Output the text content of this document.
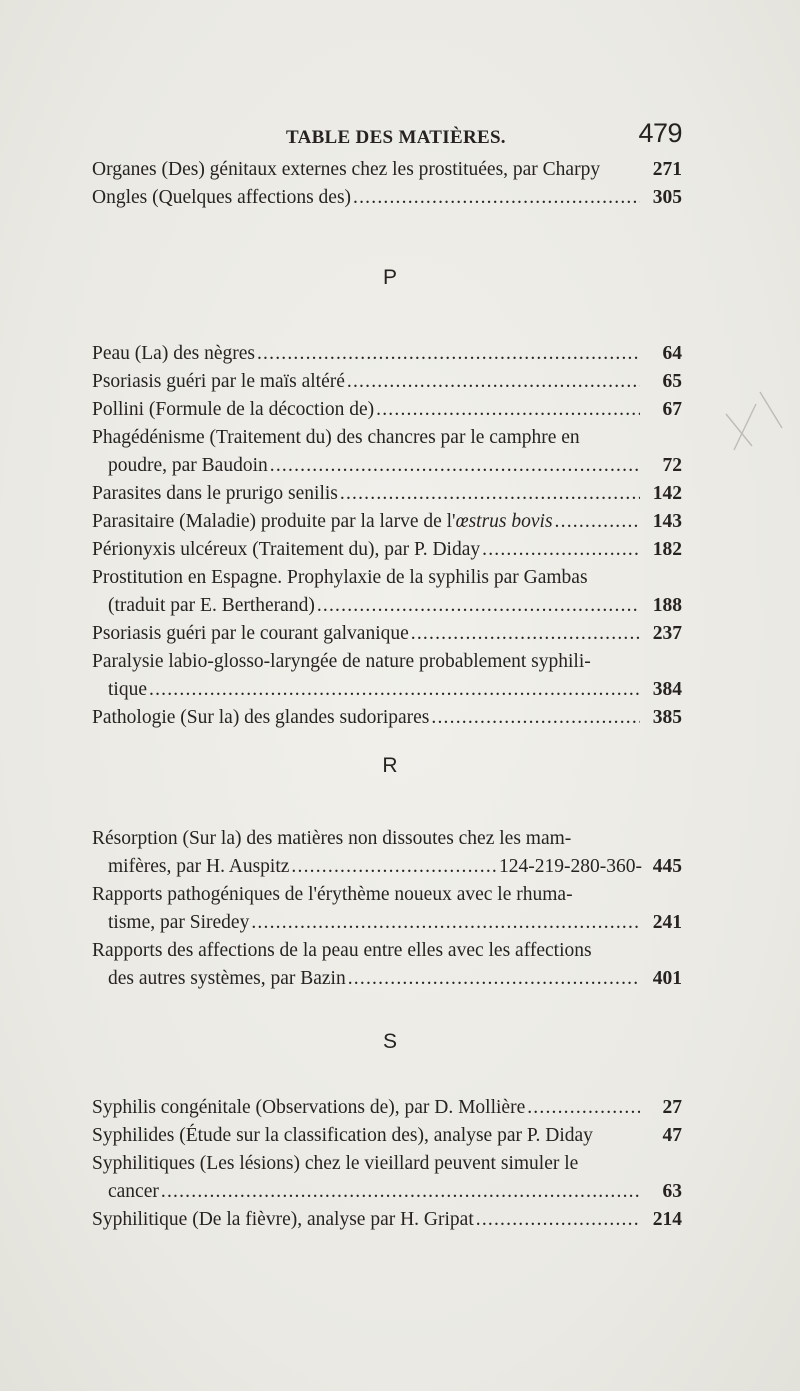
TABLE DES MATIÈRES.	479
Organes (Des) génitaux externes chez les prostituées, par Charpy	271
Ongles (Quelques affections des) .....	305
P
Peau (La) des nègres .....	64
Psoriasis guéri par le maïs altéré .....	65
Pollini (Formule de la décoction de) .....	67
Phagédénisme (Traitement du) des chancres par le camphre en
poudre, par Baudoin .....	72
Parasites dans le prurigo senilis .....	142
Parasitaire (Maladie) produite par la larve de l'œstrus bovis .....	143
Périonyxis ulcéreux (Traitement du), par P. Diday .....	182
Prostitution en Espagne. Prophylaxie de la syphilis par Gambas
(traduit par E. Bertherand) .....	188
Psoriasis guéri par le courant galvanique .....	237
Paralysie labio-glosso-laryngée de nature probablement syphili-
tique .....	384
Pathologie (Sur la) des glandes sudoripares .....	385
R
Résorption (Sur la) des matières non dissoutes chez les mam-
mifères, par H. Auspitz .....	124-219-280-360- 445
Rapports pathogéniques de l'érythème noueux avec le rhuma-
tisme, par Siredey .....	241
Rapports des affections de la peau entre elles avec les affections
des autres systèmes, par Bazin .....	401
S
Syphilis congénitale (Observations de), par D. Mollière .....	27
Syphilides (Étude sur la classification des), analyse par P. Diday	47
Syphilitiques (Les lésions) chez le vieillard peuvent simuler le
cancer .....	63
Syphilitique (De la fièvre), analyse par H. Gripat .....	214
